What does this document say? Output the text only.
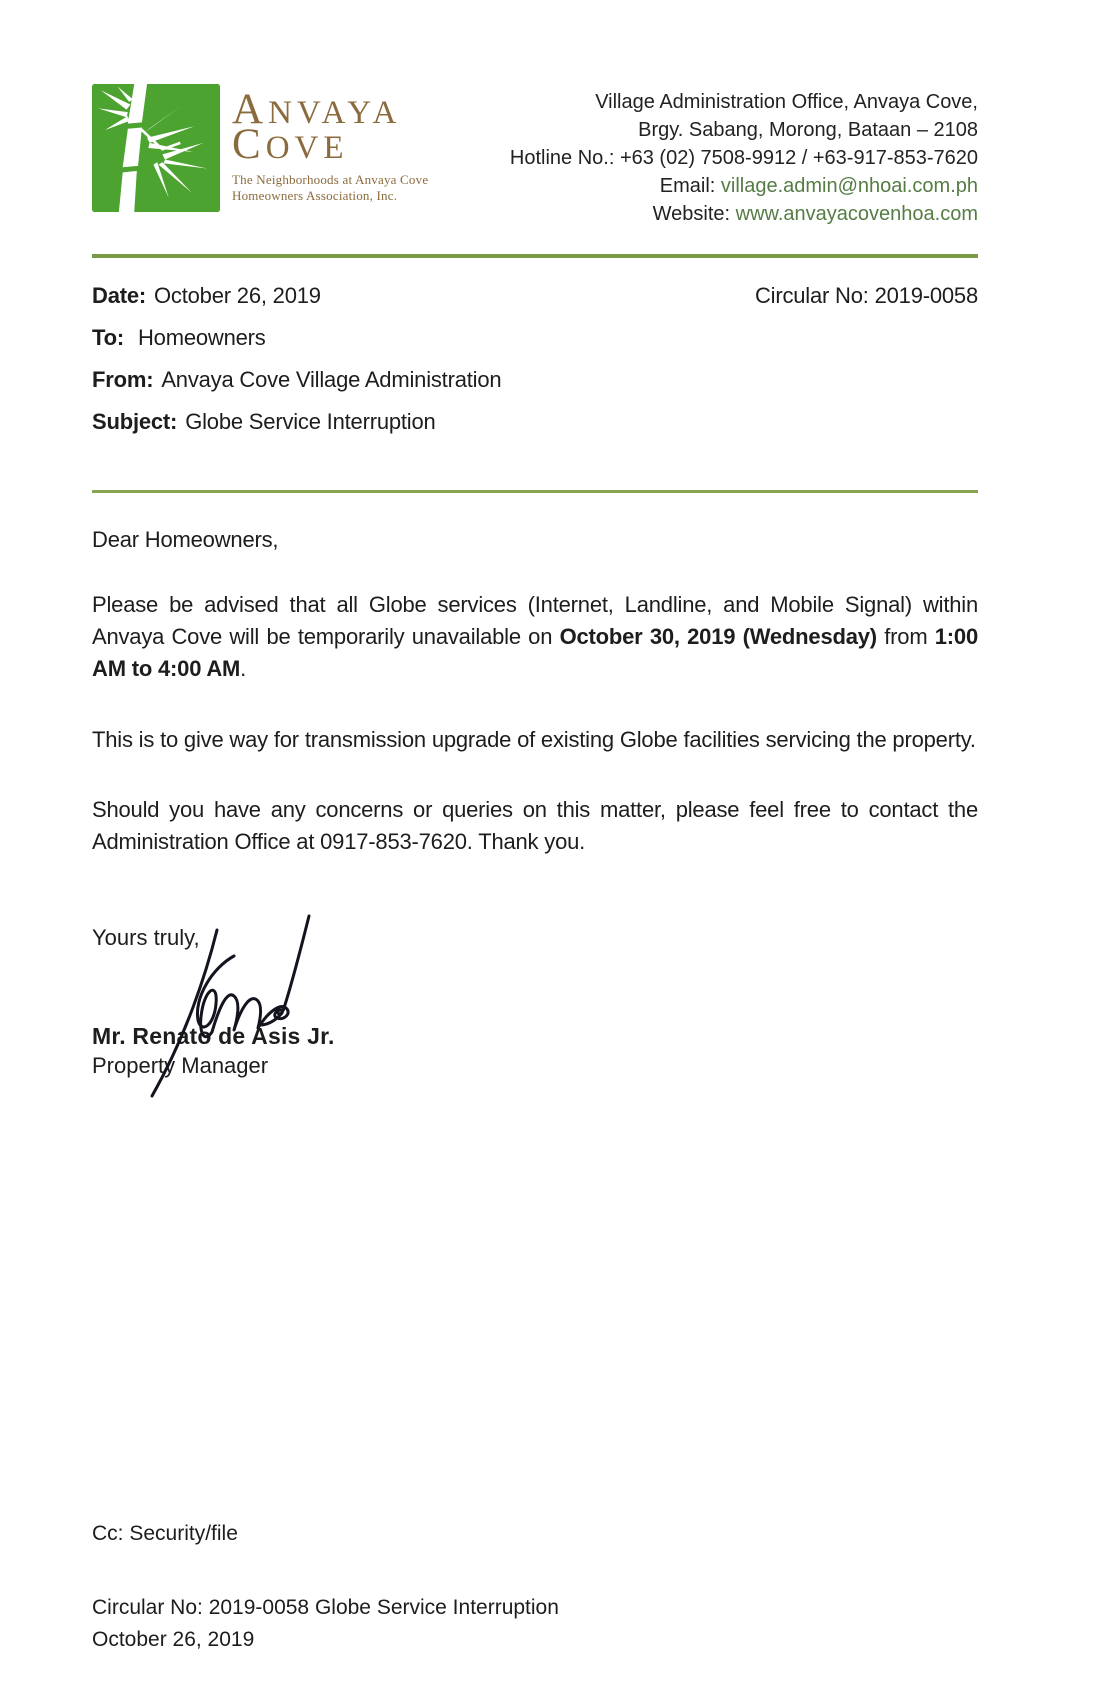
ANVAYA
COVE
The Neighborhoods at Anvaya Cove
Homeowners Association, Inc.
Village Administration Office, Anvaya Cove,
Brgy. Sabang, Morong, Bataan – 2108
Hotline No.: +63 (02) 7508-9912 / +63-917-853-7620
Email: village.admin@nhoai.com.ph
Website: www.anvayacovenhoa.com
Date: October 26, 2019	Circular No: 2019-0058
To: Homeowners
From: Anvaya Cove Village Administration
Subject: Globe Service Interruption
Dear Homeowners,

Please be advised that all Globe services (Internet, Landline, and Mobile Signal) within Anvaya Cove will be temporarily unavailable on October 30, 2019 (Wednesday) from 1:00 AM to 4:00 AM.

This is to give way for transmission upgrade of existing Globe facilities servicing the property.

Should you have any concerns or queries on this matter, please feel free to contact the Administration Office at 0917-853-7620. Thank you.

Yours truly,
Mr. Renato de Asis Jr.
Property Manager
Cc: Security/file
Circular No: 2019-0058 Globe Service Interruption
October 26, 2019
